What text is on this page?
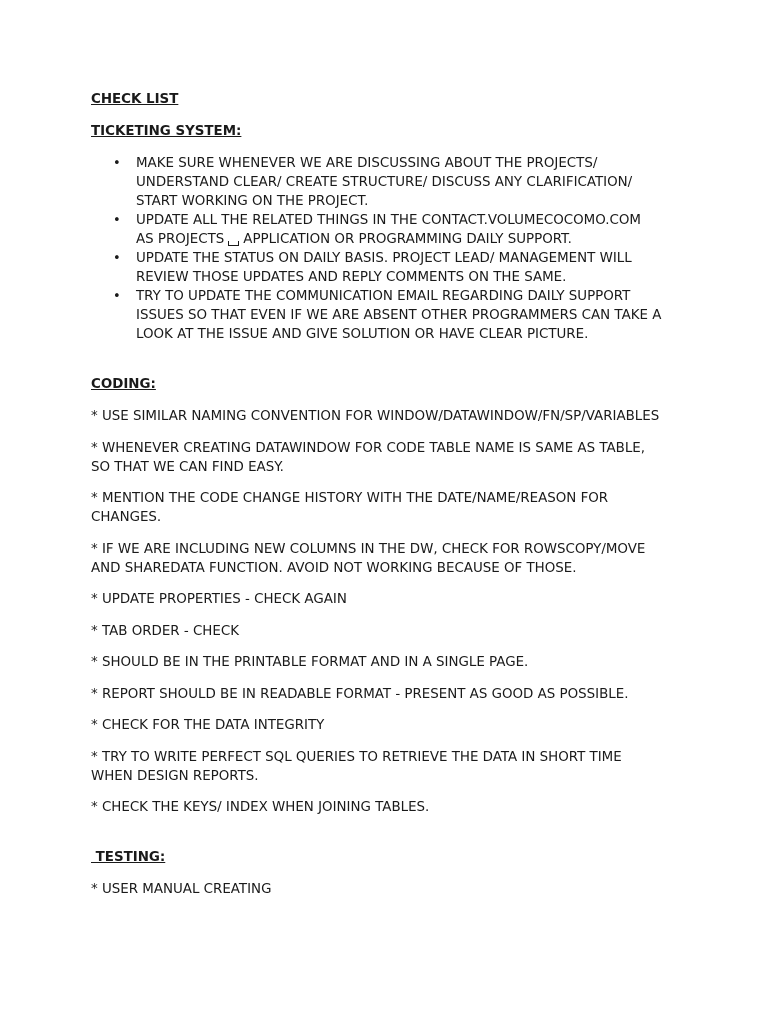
CHECK LIST

TICKETING SYSTEM:

• MAKE SURE WHENEVER WE ARE DISCUSSING ABOUT THE PROJECTS/
UNDERSTAND CLEAR/ CREATE STRUCTURE/ DISCUSS ANY CLARIFICATION/
START WORKING ON THE PROJECT.
• UPDATE ALL THE RELATED THINGS IN THE CONTACT.VOLUMECOCOMO.COM
AS PROJECTS APPLICATION OR PROGRAMMING DAILY SUPPORT.
• UPDATE THE STATUS ON DAILY BASIS. PROJECT LEAD/ MANAGEMENT WILL
REVIEW THOSE UPDATES AND REPLY COMMENTS ON THE SAME.
• TRY TO UPDATE THE COMMUNICATION EMAIL REGARDING DAILY SUPPORT
ISSUES SO THAT EVEN IF WE ARE ABSENT OTHER PROGRAMMERS CAN TAKE A
LOOK AT THE ISSUE AND GIVE SOLUTION OR HAVE CLEAR PICTURE.

CODING:

* USE SIMILAR NAMING CONVENTION FOR WINDOW/DATAWINDOW/FN/SP/VARIABLES

* WHENEVER CREATING DATAWINDOW FOR CODE TABLE NAME IS SAME AS TABLE,
SO THAT WE CAN FIND EASY.

* MENTION THE CODE CHANGE HISTORY WITH THE DATE/NAME/REASON FOR
CHANGES.

* IF WE ARE INCLUDING NEW COLUMNS IN THE DW, CHECK FOR ROWSCOPY/MOVE
AND SHAREDATA FUNCTION. AVOID NOT WORKING BECAUSE OF THOSE.

* UPDATE PROPERTIES - CHECK AGAIN

* TAB ORDER - CHECK

* SHOULD BE IN THE PRINTABLE FORMAT AND IN A SINGLE PAGE.

* REPORT SHOULD BE IN READABLE FORMAT - PRESENT AS GOOD AS POSSIBLE.

* CHECK FOR THE DATA INTEGRITY

* TRY TO WRITE PERFECT SQL QUERIES TO RETRIEVE THE DATA IN SHORT TIME
WHEN DESIGN REPORTS.

* CHECK THE KEYS/ INDEX WHEN JOINING TABLES.

TESTING:

* USER MANUAL CREATING
